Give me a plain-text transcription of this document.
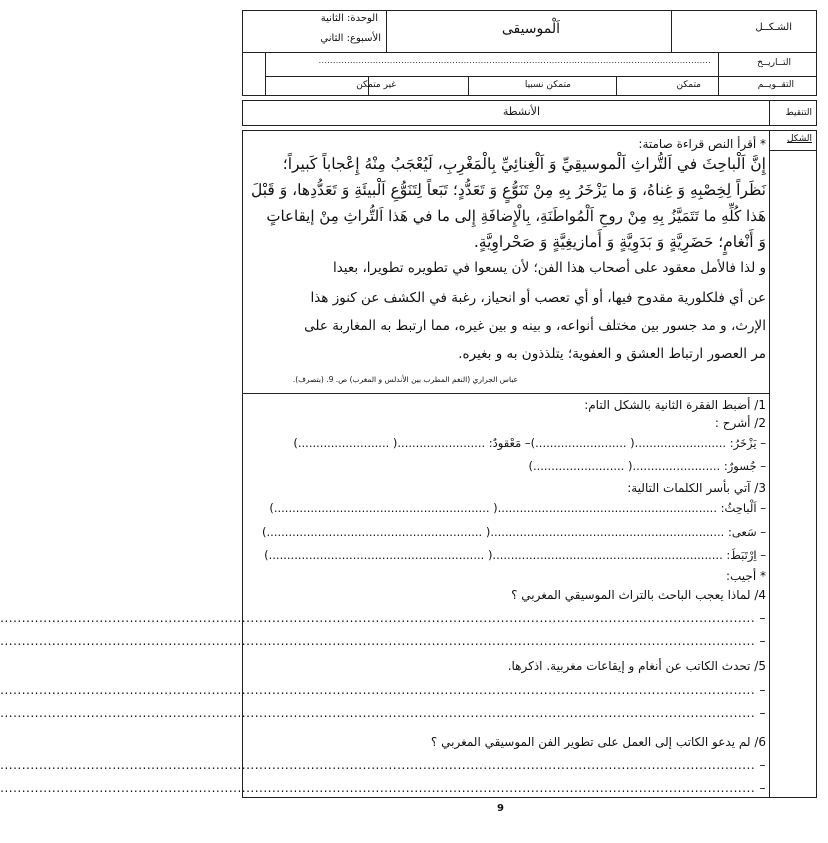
الوحدة: الثانية
الأسبوع: الثاني
اَلْموسيقى	الشـكــل
التــاريــخ
..........................................................................................................................................
التقــويــم
متمكن
متمكن نسبيا
غير متمكن
الأنشطة	التنقيط
الشكل
* أقرأ النص قراءة صامتة:
إِنَّ اَلْباحِثَ في اَلتُّراثِ اَلْموسيقِيِّ وَ اَلْغِنائِيِّ بِالْمَغْرِبِ، لَيُعْجَبُ مِنْهُ إِعْجاباً كَبيراً؛
نَظَراً لِخِصْبِهِ وَ غِناهُ، وَ ما يَزْخَرُ بِهِ مِنْ تَنَوُّعٍ وَ تَعَدُّدٍ؛ تَبَعاً لِتَنَوُّعِ اَلْبيئَةِ وَ تَعَدُّدِها، وَ قَبْلَ
هَذا كُلِّهِ ما تَتَمَيَّزُ بِهِ مِنْ روحِ اَلْمُواطَنَةِ، بِالْإِضافَةِ إِلى ما في هَذا اَلتُّراثِ مِنْ إيقاعاتٍ
وَ أَنْغامٍ؛ حَضَرِيَّةٍ وَ بَدَوِيَّةٍ وَ أَمازيغِيَّةٍ وَ صَحْراوِيَّةٍ.
و لذا فالأمل معقود على أصحاب هذا الفن؛ لأن يسعوا في تطويره تطويرا، بعيدا
عن أي فلكلورية مقدوح فيها، أو أي تعصب أو انحياز، رغبة في الكشف عن كنوز هذا
الإرث، و مد جسور بين مختلف أنواعه، و بينه و بين غيره، مما ارتبط به المغاربة على
مر العصور ارتباط العشق و العفوية؛ يتلذذون به و بغيره.
عباس الجراري (النغم المطرب بين الأندلس و المغرب) ص. 9. (بتصرف).
1/ أضبط الفقرة الثانية بالشكل التام:
2/ أشرح :
– يَزْخَرُ: .........................( .........................)– مَعْقودٌ: ........................( .........................)
– جُسورٌ: ........................( .........................)
3/ آتي بأسر الكلمات التالية:
– اَلْباحِثُ: ............................................................( ...........................................................)
– سَعى: ................................................................( ...........................................................)
– اِرْتَبَطَ: ...............................................................( ...........................................................)
* أجيب:
4/ لماذا يعجب الباحث بالتراث الموسيقي المغربي ؟
– ...............................................................................................................................................................................
– ...............................................................................................................................................................................
5/ تحدث الكاتب عن أنغام و إيقاعات مغربية. اذكرها.
– ...............................................................................................................................................................................
– ...............................................................................................................................................................................
6/ لم يدعو الكاتب إلى العمل على تطوير الفن الموسيقي المغربي ؟
– ...............................................................................................................................................................................
– ...............................................................................................................................................................................
9
